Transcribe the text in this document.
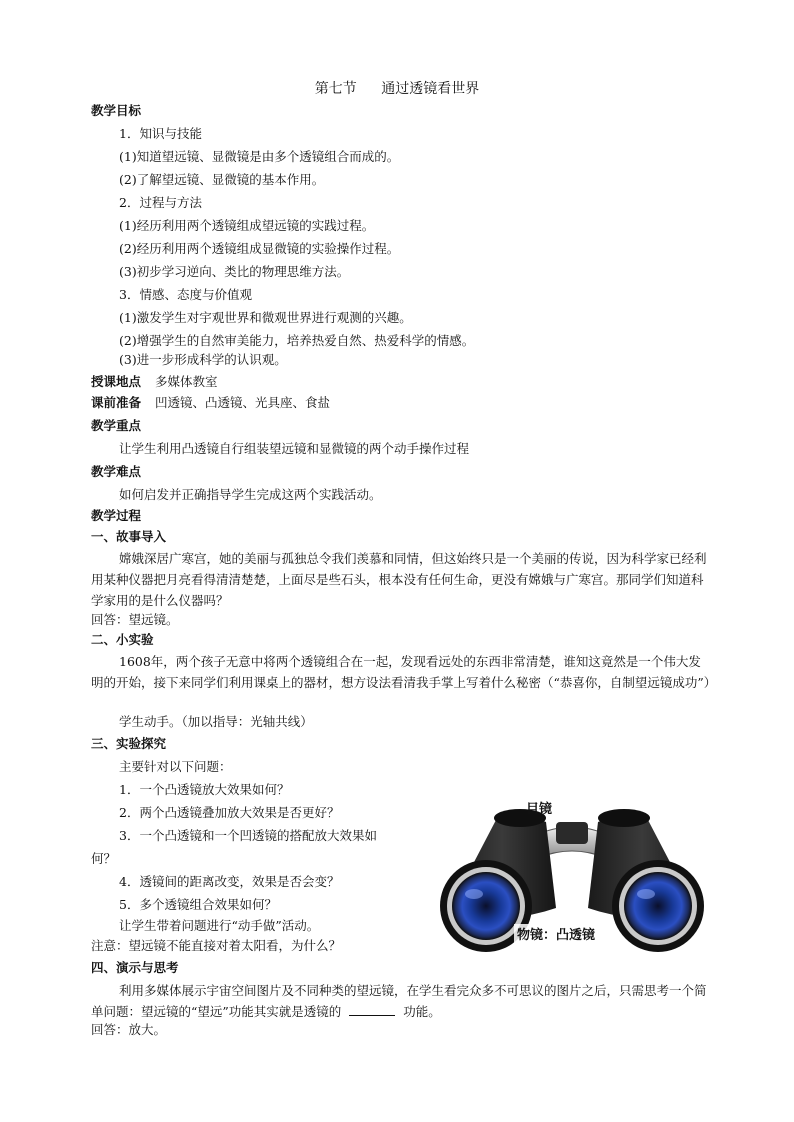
第七节 通过透镜看世界
教学目标
1．知识与技能
(1)知道望远镜、显微镜是由多个透镜组合而成的。
(2)了解望远镜、显微镜的基本作用。
2．过程与方法
(1)经历利用两个透镜组成望远镜的实践过程。
(2)经历利用两个透镜组成显微镜的实验操作过程。
(3)初步学习逆向、类比的物理思维方法。
3．情感、态度与价值观
(1)激发学生对宇观世界和微观世界进行观测的兴趣。
(2)增强学生的自然审美能力，培养热爱自然、热爱科学的情感。
(3)进一步形成科学的认识观。
授课地点 多媒体教室
课前准备 凹透镜、凸透镜、光具座、食盐
教学重点
让学生利用凸透镜自行组装望远镜和显微镜的两个动手操作过程
教学难点
如何启发并正确指导学生完成这两个实践活动。
教学过程
一、故事导入
嫦娥深居广寒宫，她的美丽与孤独总令我们羡慕和同情，但这始终只是一个美丽的传说，因为科学家已经利用某种仪器把月亮看得清清楚楚，上面尽是些石头，根本没有任何生命，更没有嫦娥与广寒宫。那同学们知道科学家用的是什么仪器吗？
回答：望远镜。
二、小实验
1608年，两个孩子无意中将两个透镜组合在一起，发现看远处的东西非常清楚，谁知这竟然是一个伟大发明的开始，接下来同学们利用课桌上的器材，想方设法看清我手掌上写着什么秘密（“恭喜你，自制望远镜成功”）
学生动手。（加以指导：光轴共线）
三、实验探究
主要针对以下问题：
1．一个凸透镜放大效果如何？
2．两个凸透镜叠加放大效果是否更好？
3．一个凸透镜和一个凹透镜的搭配放大效果如
何？
4．透镜间的距离改变，效果是否会变？
5．多个透镜组合效果如何？
让学生带着问题进行“动手做”活动。
注意：望远镜不能直接对着太阳看，为什么？
四、演示与思考
利用多媒体展示宇宙空间图片及不同种类的望远镜，在学生看完众多不可思议的图片之后，只需思考一个简单问题：望远镜的“望远”功能其实就是透镜的	功能。
回答：放大。
目镜
物镜：凸透镜
